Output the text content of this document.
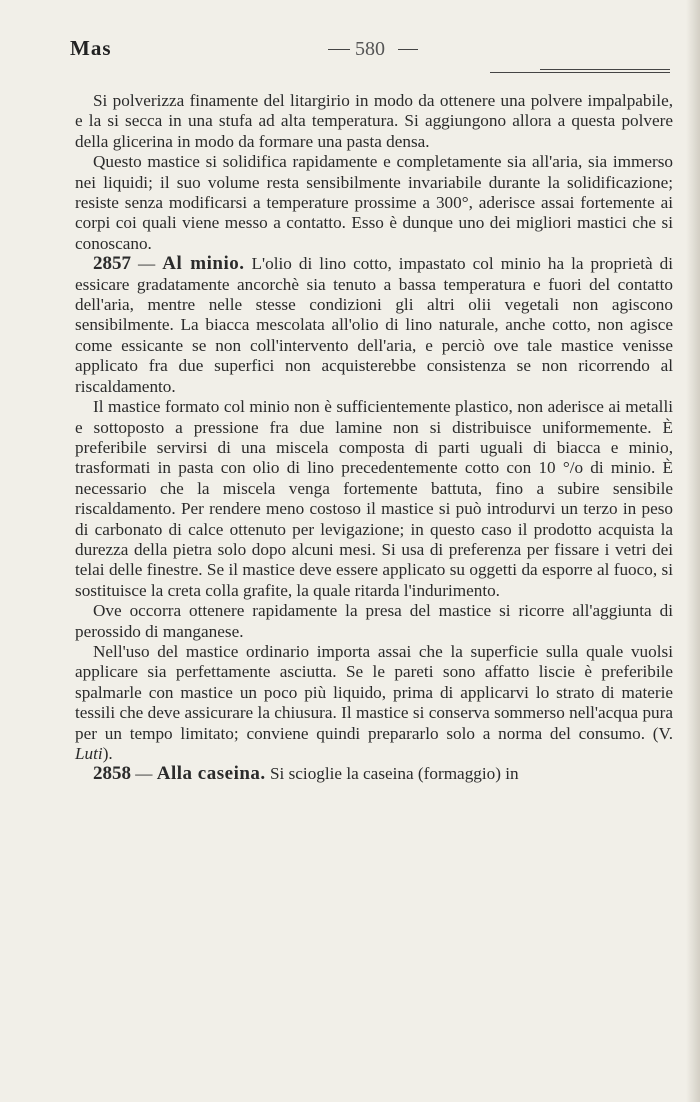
Mas	580

Si polverizza finamente del litargirio in modo da ottenere una polvere impalpabile, e la si secca in una stufa ad alta temperatura. Si aggiungono allora a questa polvere della glicerina in modo da formare una pasta densa.

Questo mastice si solidifica rapidamente e completamente sia all'aria, sia immerso nei liquidi; il suo volume resta sensibilmente invariabile durante la solidificazione; resiste senza modificarsi a temperature prossime a 300°, aderisce assai fortemente ai corpi coi quali viene messo a contatto. Esso è dunque uno dei migliori mastici che si conoscano.

2857 — Al minio. L'olio di lino cotto, impastato col minio ha la proprietà di essicare gradatamente ancorchè sia tenuto a bassa temperatura e fuori del contatto dell'aria, mentre nelle stesse condizioni gli altri olii vegetali non agiscono sensibilmente. La biacca mescolata all'olio di lino naturale, anche cotto, non agisce come essicante se non coll'intervento dell'aria, e perciò ove tale mastice venisse applicato fra due superfici non acquisterebbe consistenza se non ricorrendo al riscaldamento.

Il mastice formato col minio non è sufficientemente plastico, non aderisce ai metalli e sottoposto a pressione fra due lamine non si distribuisce uniformemente. È preferibile servirsi di una miscela composta di parti uguali di biacca e minio, trasformati in pasta con olio di lino precedentemente cotto con 10 °/o di minio. È necessario che la miscela venga fortemente battuta, fino a subire sensibile riscaldamento. Per rendere meno costoso il mastice si può introdurvi un terzo in peso di carbonato di calce ottenuto per levigazione; in questo caso il prodotto acquista la durezza della pietra solo dopo alcuni mesi. Si usa di preferenza per fissare i vetri dei telai delle finestre. Se il mastice deve essere applicato su oggetti da esporre al fuoco, si sostituisce la creta colla grafite, la quale ritarda l'indurimento.

Ove occorra ottenere rapidamente la presa del mastice si ricorre all'aggiunta di perossido di manganese.

Nell'uso del mastice ordinario importa assai che la superficie sulla quale vuolsi applicare sia perfettamente asciutta. Se le pareti sono affatto liscie è preferibile spalmarle con mastice un poco più liquido, prima di applicarvi lo strato di materie tessili che deve assicurare la chiusura. Il mastice si conserva sommerso nell'acqua pura per un tempo limitato; conviene quindi prepararlo solo a norma del consumo. (V. Luti).

2858 — Alla caseina. Si scioglie la caseina (formaggio) in
